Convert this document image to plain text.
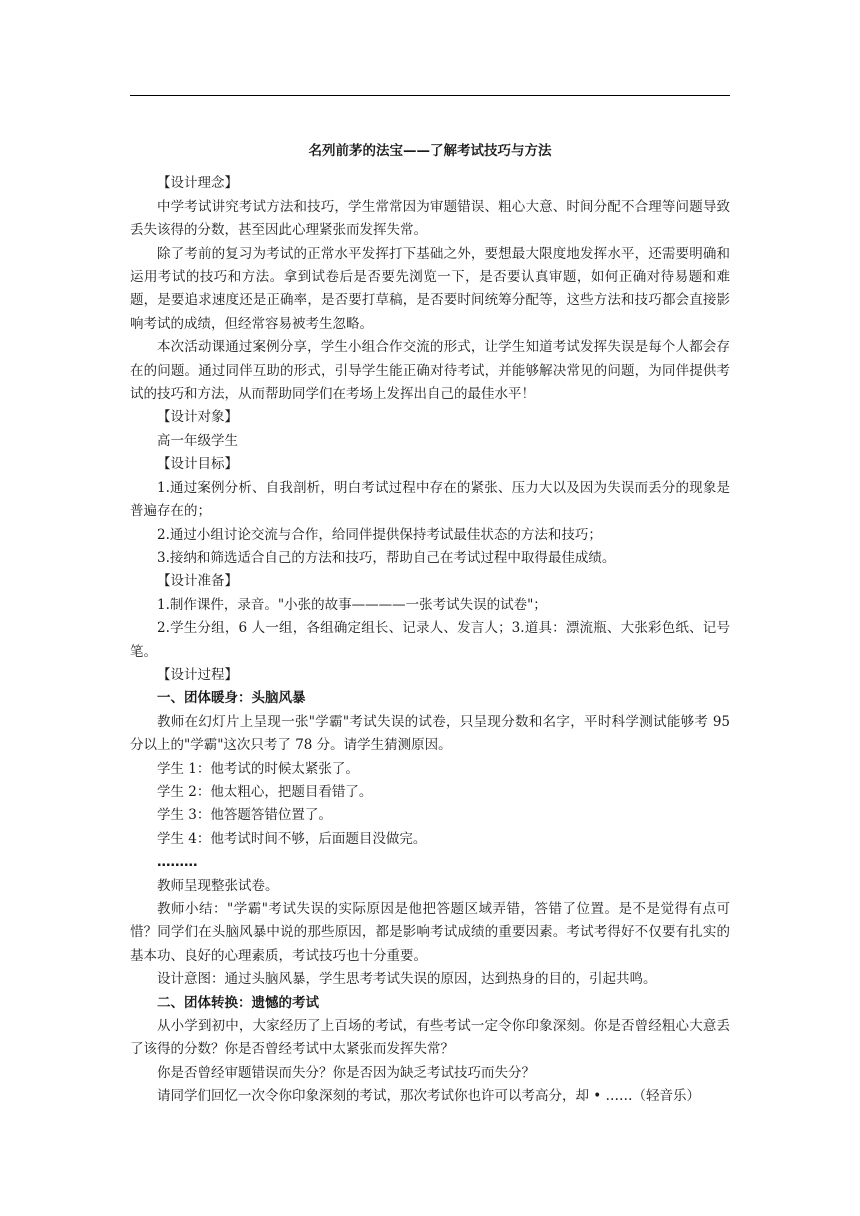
名列前茅的法宝——了解考试技巧与方法

【设计理念】

中学考试讲究考试方法和技巧，学生常常因为审题错误、粗心大意、时间分配不合理等问题导致丢失该得的分数，甚至因此心理紧张而发挥失常。

除了考前的复习为考试的正常水平发挥打下基础之外，要想最大限度地发挥水平，还需要明确和运用考试的技巧和方法。拿到试卷后是否要先浏览一下，是否要认真审题，如何正确对待易题和难题，是要追求速度还是正确率，是否要打草稿，是否要时间统筹分配等，这些方法和技巧都会直接影响考试的成绩，但经常容易被考生忽略。

本次活动课通过案例分享，学生小组合作交流的形式，让学生知道考试发挥失误是每个人都会存在的问题。通过同伴互助的形式，引导学生能正确对待考试，并能够解决常见的问题，为同伴提供考试的技巧和方法，从而帮助同学们在考场上发挥出自己的最佳水平！

【设计对象】

高一年级学生

【设计目标】

1.通过案例分析、自我剖析，明白考试过程中存在的紧张、压力大以及因为失误而丢分的现象是普遍存在的；

2.通过小组讨论交流与合作，给同伴提供保持考试最佳状态的方法和技巧；

3.接纳和筛选适合自己的方法和技巧，帮助自己在考试过程中取得最佳成绩。

【设计准备】

1.制作课件，录音。"小张的故事————一张考试失误的试卷"；

2.学生分组，6 人一组，各组确定组长、记录人、发言人；3.道具：漂流瓶、大张彩色纸、记号笔。

【设计过程】

一、团体暖身：头脑风暴

教师在幻灯片上呈现一张"学霸"考试失误的试卷，只呈现分数和名字，平时科学测试能够考 95 分以上的"学霸"这次只考了 78 分。请学生猜测原因。

学生 1：他考试的时候太紧张了。

学生 2：他太粗心，把题目看错了。

学生 3：他答题答错位置了。

学生 4：他考试时间不够，后面题目没做完。

………

教师呈现整张试卷。

教师小结："学霸"考试失误的实际原因是他把答题区域弄错，答错了位置。是不是觉得有点可惜？同学们在头脑风暴中说的那些原因，都是影响考试成绩的重要因素。考试考得好不仅要有扎实的基本功、良好的心理素质，考试技巧也十分重要。

设计意图：通过头脑风暴，学生思考考试失误的原因，达到热身的目的，引起共鸣。

二、团体转换：遗憾的考试

从小学到初中，大家经历了上百场的考试，有些考试一定令你印象深刻。你是否曾经粗心大意丢了该得的分数？你是否曾经考试中太紧张而发挥失常？

你是否曾经审题错误而失分？你是否因为缺乏考试技巧而失分？

请同学们回忆一次令你印象深刻的考试，那次考试你也许可以考高分，却 • ……（轻音乐）
